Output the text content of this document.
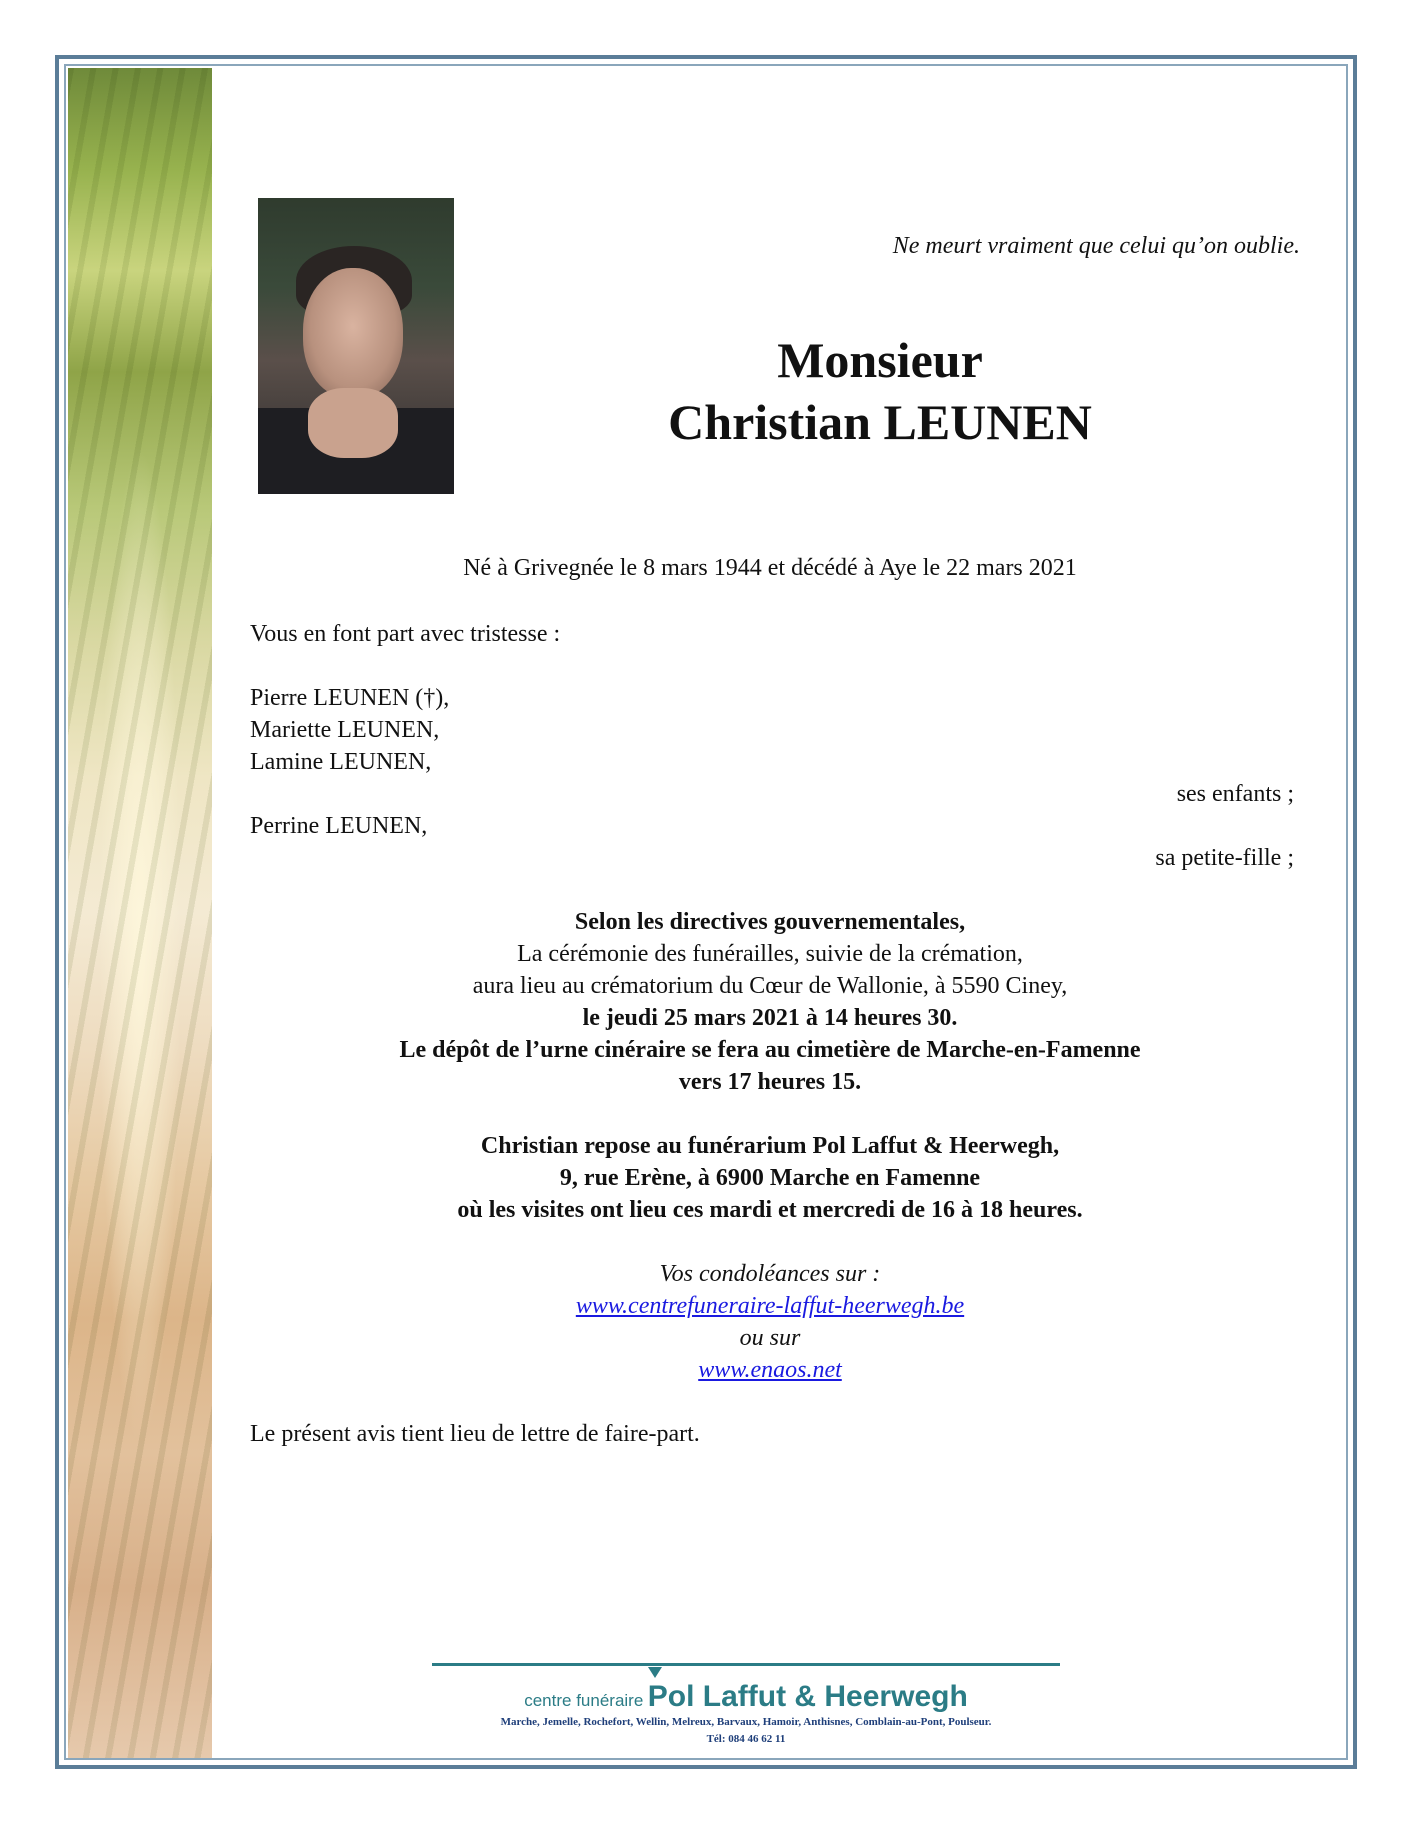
Ne meurt vraiment que celui qu’on oublie.
Monsieur
Christian LEUNEN
Né à Grivegnée le 8 mars 1944 et décédé à Aye le 22 mars 2021
Vous en font part avec tristesse :
Pierre LEUNEN (†),
Mariette LEUNEN,
Lamine LEUNEN,
ses enfants ;
Perrine LEUNEN,
sa petite-fille ;
Selon les directives gouvernementales,
La cérémonie des funérailles, suivie de la crémation,
aura lieu au crématorium du Cœur de Wallonie, à 5590 Ciney,
le jeudi 25 mars 2021 à 14 heures 30.
Le dépôt de l’urne cinéraire se fera au cimetière de Marche-en-Famenne
vers 17 heures 15.
Christian repose au funérarium Pol Laffut & Heerwegh,
9, rue Erène, à 6900 Marche en Famenne
où les visites ont lieu ces mardi et mercredi de 16 à 18 heures.
Vos condoléances sur :
www.centrefuneraire-laffut-heerwegh.be
ou sur
www.enaos.net
Le présent avis tient lieu de lettre de faire-part.
centre funéraire Pol Laffut & Heerwegh
Marche, Jemelle, Rochefort, Wellin, Melreux, Barvaux, Hamoir, Anthisnes, Comblain-au-Pont, Poulseur.
Tél: 084 46 62 11
